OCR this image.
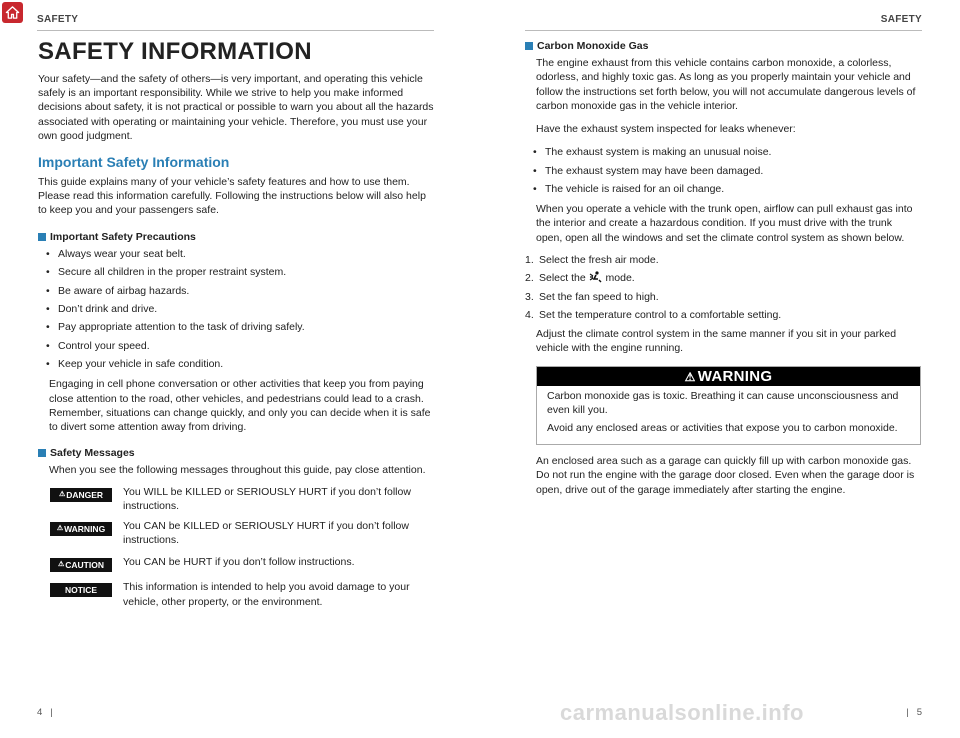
SAFETY	SAFETY
SAFETY INFORMATION

Your safety—and the safety of others—is very important, and operating this vehicle safely is an important responsibility. While we strive to help you make informed decisions about safety, it is not practical or possible to warn you about all the hazards associated with operating or maintaining your vehicle. Therefore, you must use your own good judgment.

Important Safety Information

This guide explains many of your vehicle’s safety features and how to use them. Please read this information carefully. Following the instructions below will also help to keep you and your passengers safe.

Important Safety Precautions
• Always wear your seat belt.
• Secure all children in the proper restraint system.
• Be aware of airbag hazards.
• Don’t drink and drive.
• Pay appropriate attention to the task of driving safely.
• Control your speed.
• Keep your vehicle in safe condition.

Engaging in cell phone conversation or other activities that keep you from paying close attention to the road, other vehicles, and pedestrians could lead to a crash. Remember, situations can change quickly, and only you can decide when it is safe to divert some attention away from driving.

Safety Messages

When you see the following messages throughout this guide, pay close attention.

⚠ DANGER You WILL be KILLED or SERIOUSLY HURT if you don’t follow instructions.
⚠ WARNING You CAN be KILLED or SERIOUSLY HURT if you don’t follow instructions.
⚠ CAUTION You CAN be HURT if you don’t follow instructions.
NOTICE This information is intended to help you avoid damage to your vehicle, other property, or the environment.
Carbon Monoxide Gas

The engine exhaust from this vehicle contains carbon monoxide, a colorless, odorless, and highly toxic gas. As long as you properly maintain your vehicle and follow the instructions set forth below, you will not accumulate dangerous levels of carbon monoxide gas in the vehicle interior.

Have the exhaust system inspected for leaks whenever:

• The exhaust system is making an unusual noise.
• The exhaust system may have been damaged.
• The vehicle is raised for an oil change.

When you operate a vehicle with the trunk open, airflow can pull exhaust gas into the interior and create a hazardous condition. If you must drive with the trunk open, open all the windows and set the climate control system as shown below.

1. Select the fresh air mode.
2. Select the mode.
3. Set the fan speed to high.
4. Set the temperature control to a comfortable setting.

Adjust the climate control system in the same manner if you sit in your parked vehicle with the engine running.

⚠ WARNING

Carbon monoxide gas is toxic. Breathing it can cause unconsciousness and even kill you.

Avoid any enclosed areas or activities that expose you to carbon monoxide.

An enclosed area such as a garage can quickly fill up with carbon monoxide gas. Do not run the engine with the garage door closed. Even when the garage door is open, drive out of the garage immediately after starting the engine.

4 |	| 5
carmanualsonline.info
